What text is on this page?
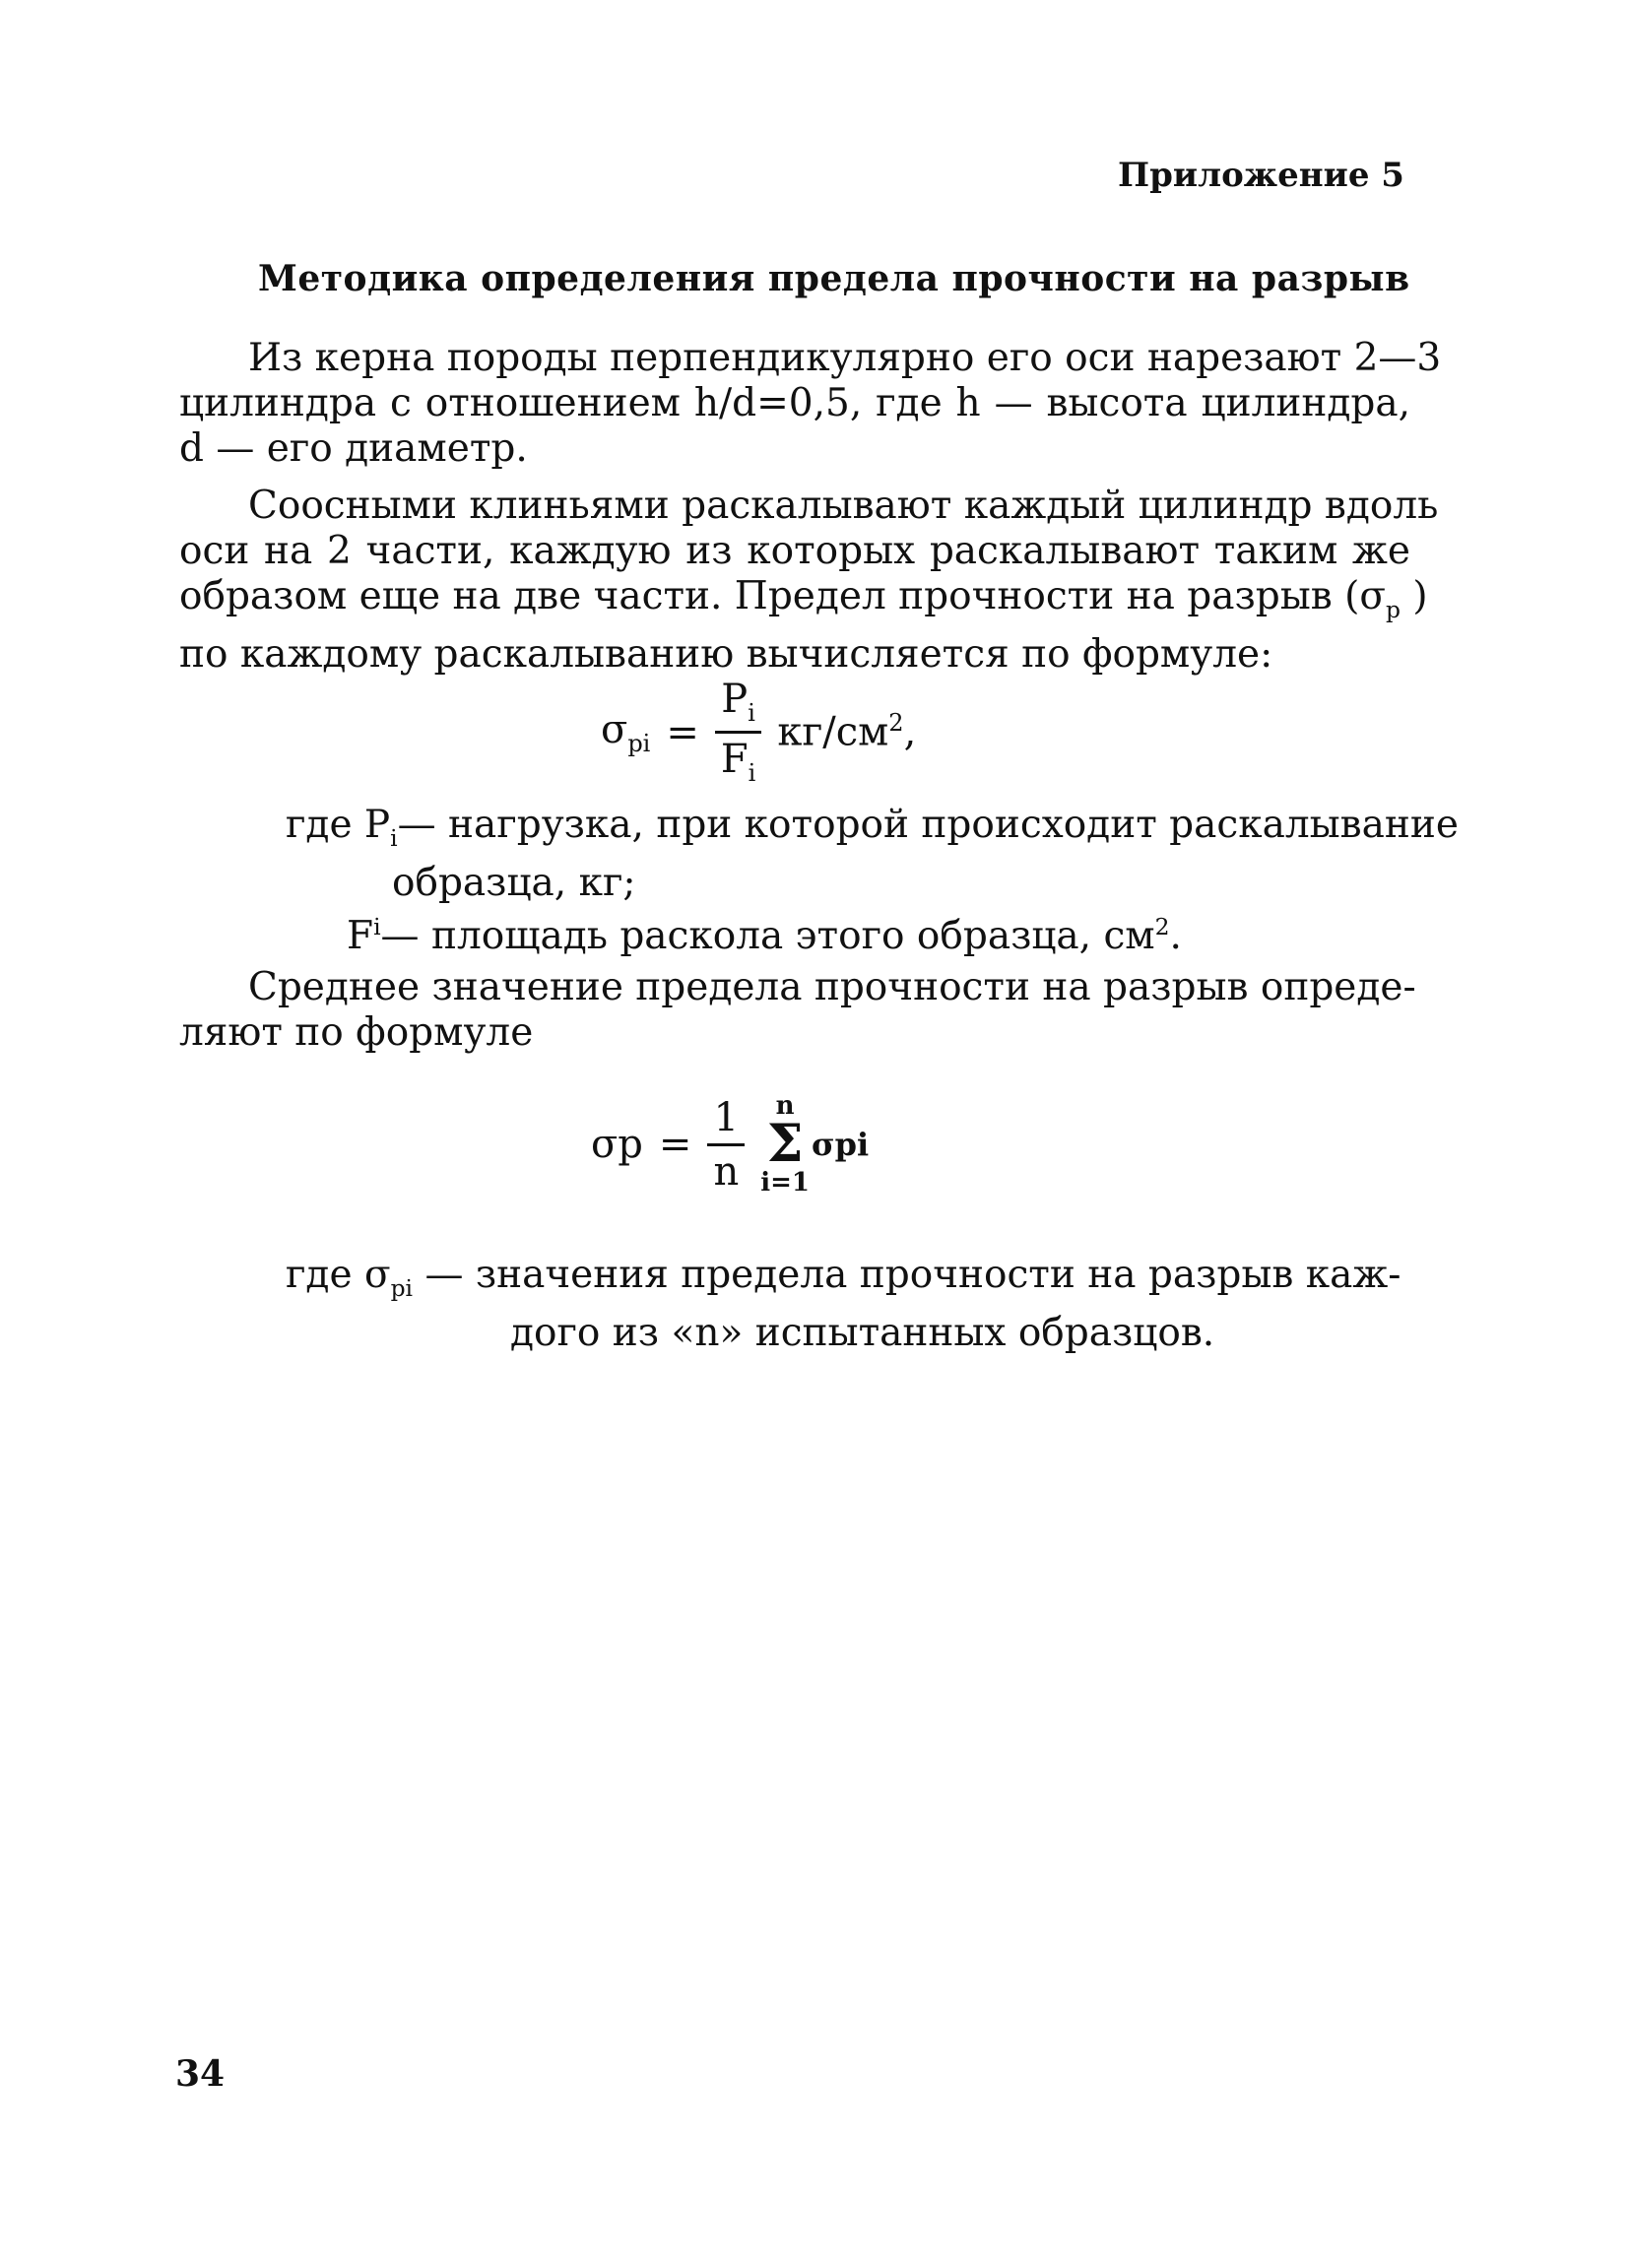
Приложение 5
Методика определения предела прочности на разрыв
Из керна породы перпендикулярно его оси нарезают 2—3
цилиндра с отношением h/d=0,5, где h — высота цилиндра,
d — его диаметр.
Соосными клиньями раскалывают каждый цилиндр вдоль
оси на 2 части, каждую из которых раскалывают таким же
образом еще на две части. Предел прочности на разрыв ($\sigma_p$ )
по каждому раскалыванию вычисляется по формуле:
$\sigma_{pi} = \frac{P_i}{F_i} кг/см^2$,
где $P_i—$ нагрузка, при которой происходит раскалывание
образца, кг;
$F^i—$ площадь раскола этого образца, $см^2$.
Среднее значение предела прочности на разрыв опреде-
ляют по формуле
$\sigma p = \frac{1}{n}$ n
Σ
i=1
σpi
где $\sigma_{pi}$ — значения предела прочности на разрыв каж-
дого из «n» испытанных образцов.
34
